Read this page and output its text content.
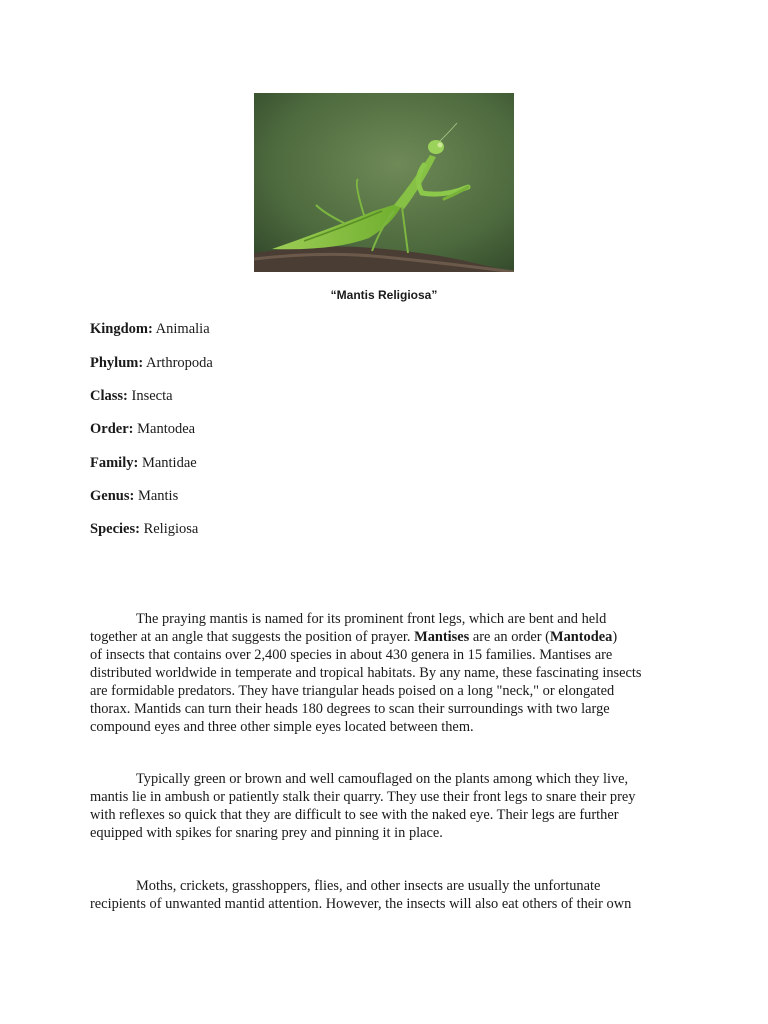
“Mantis Religiosa”
Kingdom: Animalia
Phylum: Arthropoda
Class: Insecta
Order: Mantodea
Family: Mantidae
Genus: Mantis
Species: Religiosa
The praying mantis is named for its prominent front legs, which are bent and held
together at an angle that suggests the position of prayer. Mantises are an order (Mantodea)
of insects that contains over 2,400 species in about 430 genera in 15 families. Mantises are
distributed worldwide in temperate and tropical habitats. By any name, these fascinating insects
are formidable predators. They have triangular heads poised on a long "neck," or elongated
thorax. Mantids can turn their heads 180 degrees to scan their surroundings with two large
compound eyes and three other simple eyes located between them.
Typically green or brown and well camouflaged on the plants among which they live,
mantis lie in ambush or patiently stalk their quarry. They use their front legs to snare their prey
with reflexes so quick that they are difficult to see with the naked eye. Their legs are further
equipped with spikes for snaring prey and pinning it in place.
Moths, crickets, grasshoppers, flies, and other insects are usually the unfortunate
recipients of unwanted mantid attention. However, the insects will also eat others of their own
